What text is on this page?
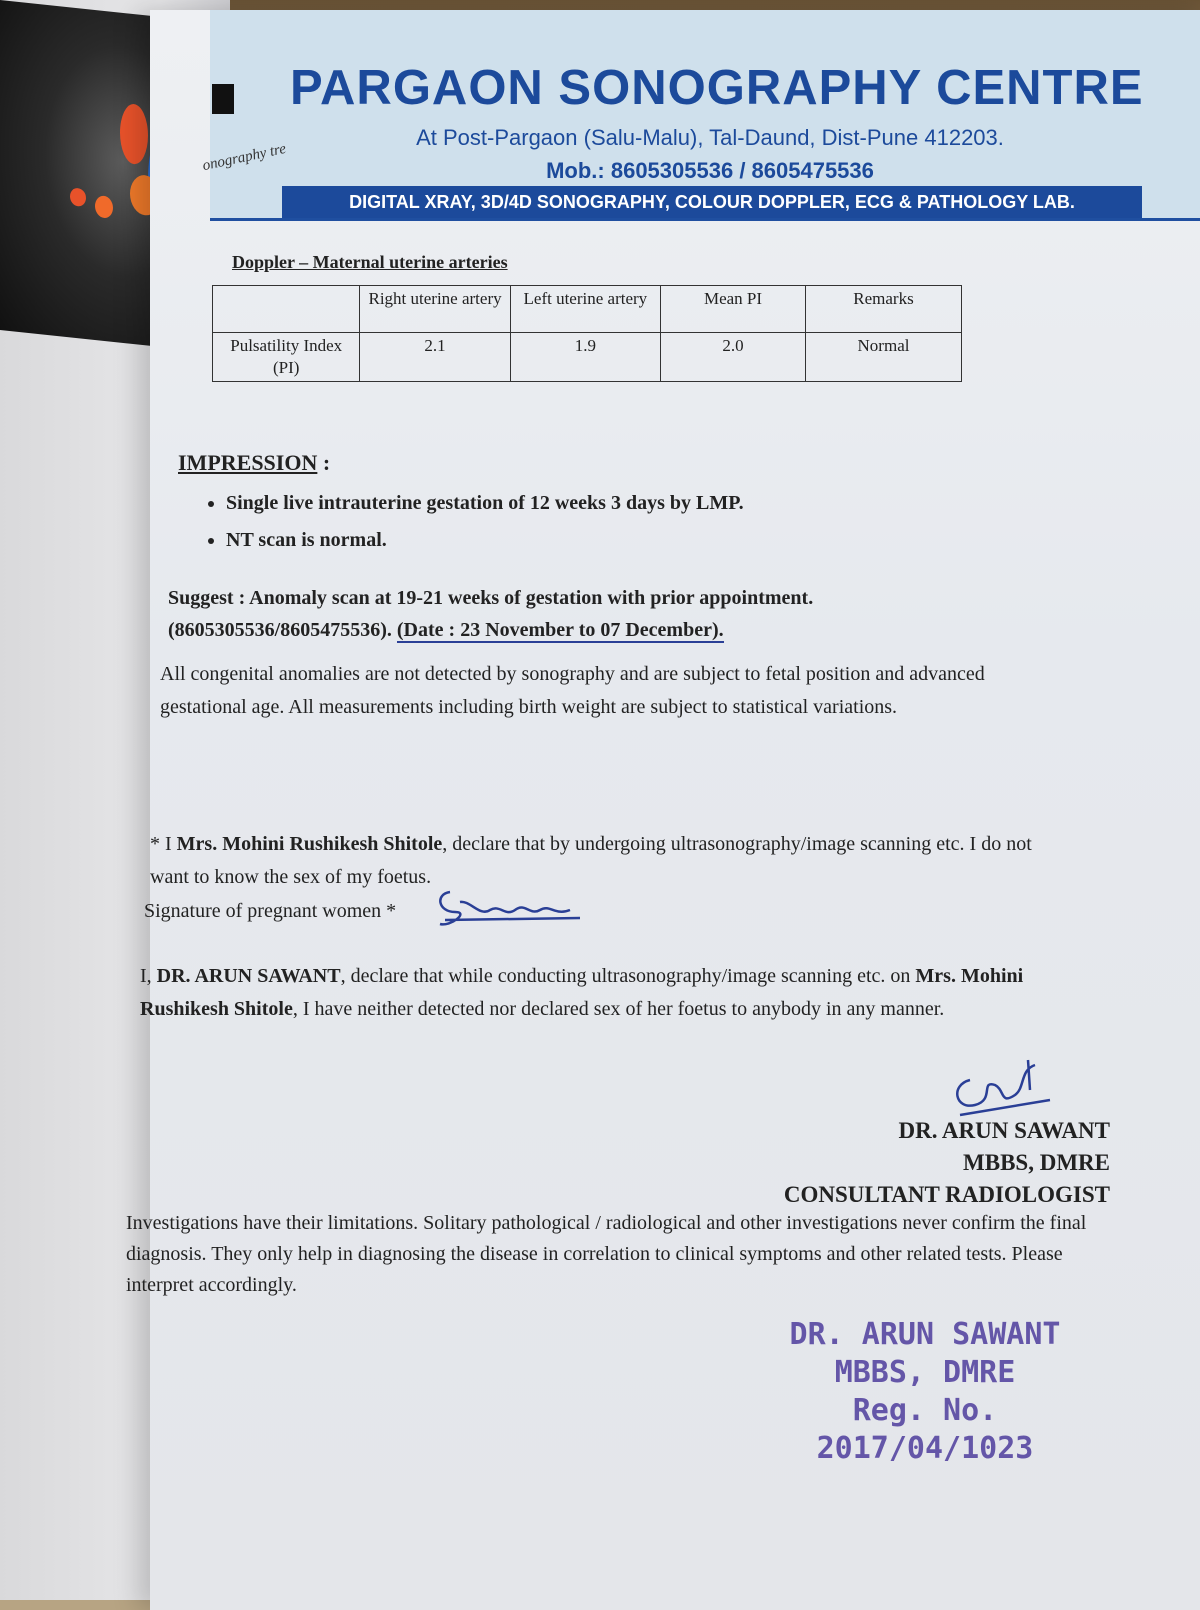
onography tre
PARGAON SONOGRAPHY CENTRE
At Post-Pargaon (Salu-Malu), Tal-Daund, Dist-Pune 412203.
Mob.: 8605305536 / 8605475536
DIGITAL XRAY, 3D/4D SONOGRAPHY, COLOUR DOPPLER, ECG & PATHOLOGY LAB.
Doppler – Maternal uterine arteries
	Right uterine artery	Left uterine artery	Mean PI	Remarks
Pulsatility Index (PI)	2.1	1.9	2.0	Normal
IMPRESSION :
• Single live intrauterine gestation of 12 weeks 3 days by LMP.
• NT scan is normal.
Suggest : Anomaly scan at 19-21 weeks of gestation with prior appointment.
(8605305536/8605475536). (Date : 23 November to 07 December).
All congenital anomalies are not detected by sonography and are subject to fetal position and advanced gestational age. All measurements including birth weight are subject to statistical variations.
* I Mrs. Mohini Rushikesh Shitole, declare that by undergoing ultrasonography/image scanning etc. I do not want to know the sex of my foetus.
Signature of pregnant women *
I, DR. ARUN SAWANT, declare that while conducting ultrasonography/image scanning etc. on Mrs. Mohini Rushikesh Shitole, I have neither detected nor declared sex of her foetus to anybody in any manner.
DR. ARUN SAWANT
MBBS, DMRE
CONSULTANT RADIOLOGIST
Investigations have their limitations. Solitary pathological / radiological and other investigations never confirm the final diagnosis. They only help in diagnosing the disease in correlation to clinical symptoms and other related tests. Please interpret accordingly.
DR. ARUN SAWANT
MBBS, DMRE
Reg. No. 2017/04/1023
